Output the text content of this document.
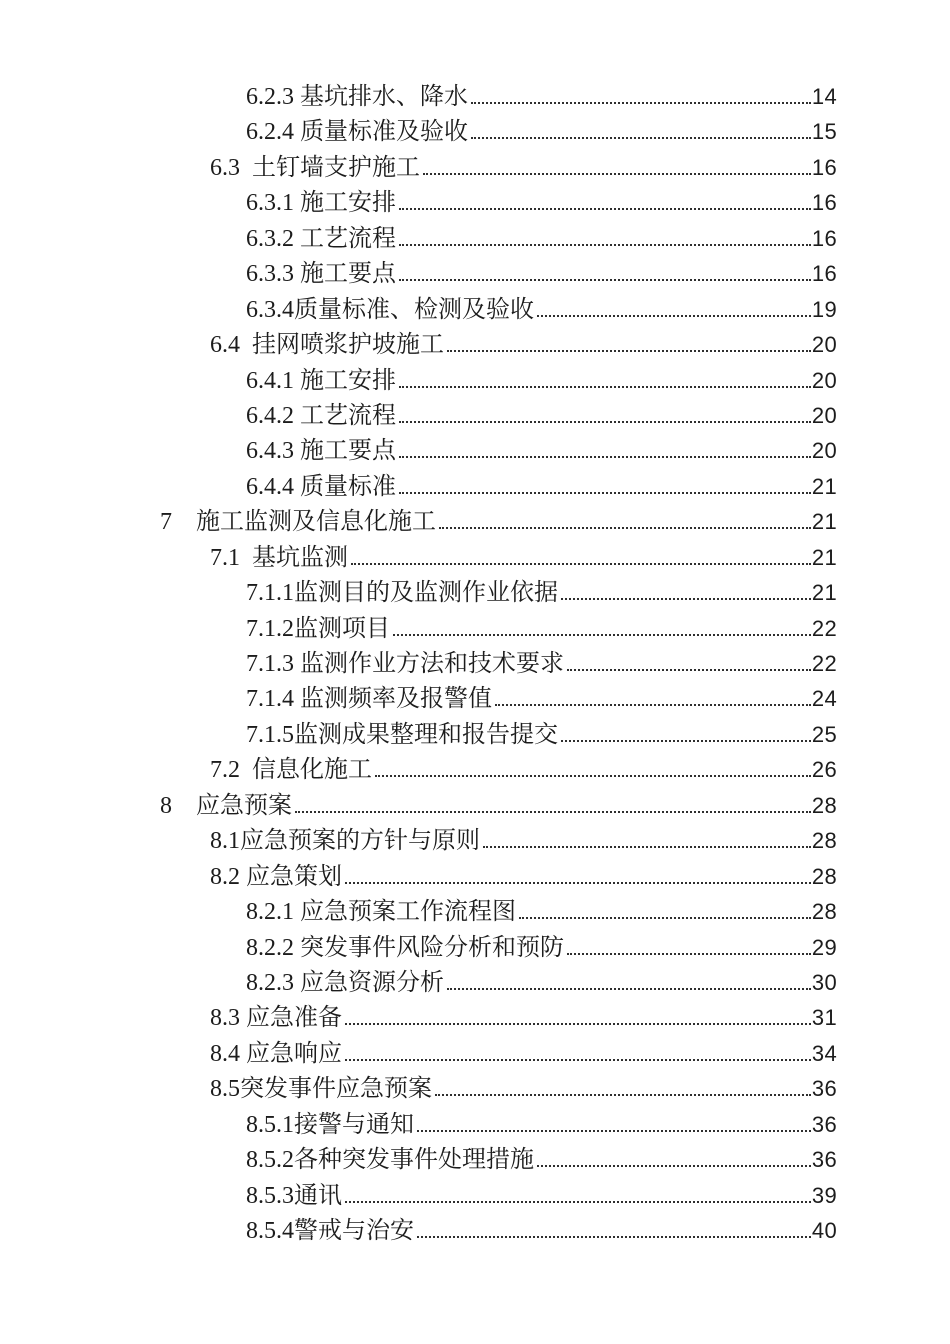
6.2.3 基坑排水、降水	14
6.2.4 质量标准及验收	15
6.3  土钉墙支护施工	16
6.3.1 施工安排	16
6.3.2 工艺流程	16
6.3.3 施工要点	16
6.3.4质量标准、检测及验收	19
6.4  挂网喷浆护坡施工	20
6.4.1 施工安排	20
6.4.2 工艺流程	20
6.4.3 施工要点	20
6.4.4 质量标准	21
7　施工监测及信息化施工	21
7.1  基坑监测	21
7.1.1监测目的及监测作业依据	21
7.1.2监测项目	22
7.1.3 监测作业方法和技术要求	22
7.1.4 监测频率及报警值	24
7.1.5监测成果整理和报告提交	25
7.2  信息化施工	26
8　应急预案	28
8.1应急预案的方针与原则	28
8.2 应急策划	28
8.2.1 应急预案工作流程图	28
8.2.2 突发事件风险分析和预防	29
8.2.3 应急资源分析	30
8.3 应急准备	31
8.4 应急响应	34
8.5突发事件应急预案	36
8.5.1接警与通知	36
8.5.2各种突发事件处理措施	36
8.5.3通讯	39
8.5.4警戒与治安	40
